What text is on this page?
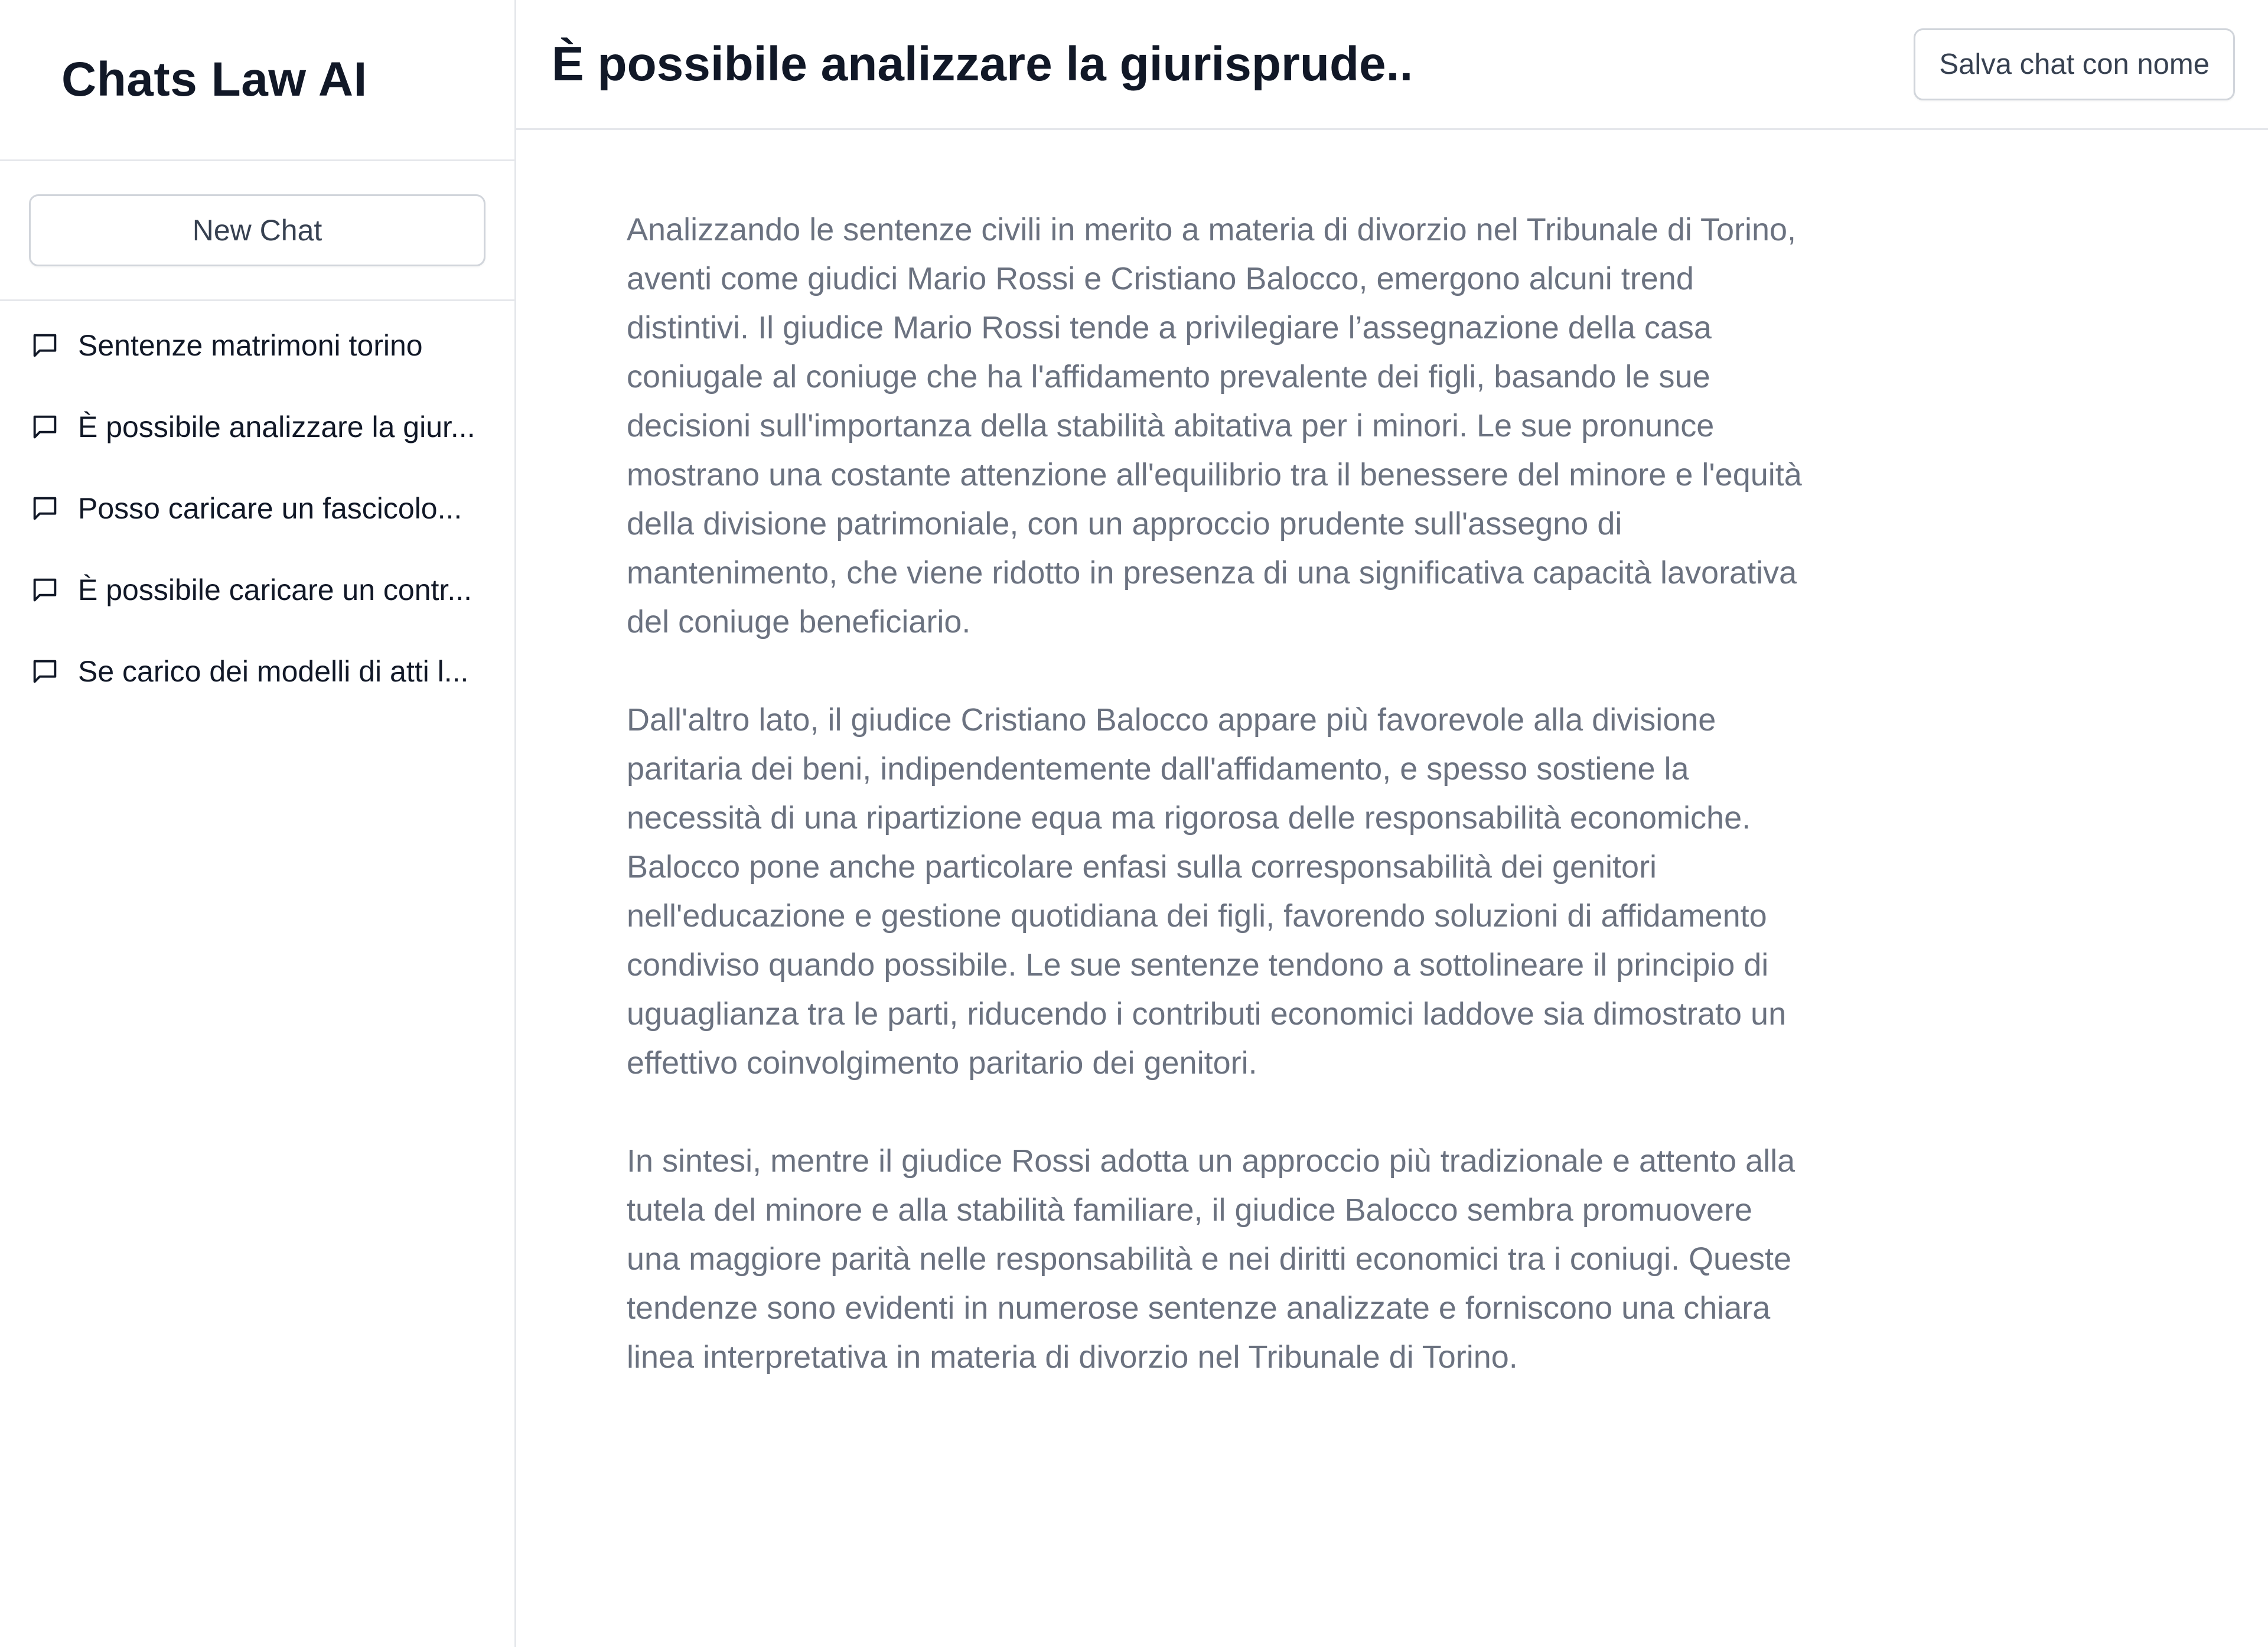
Chats Law AI
New Chat
Sentenze matrimoni torino
È possibile analizzare la giur...
Posso caricare un fascicolo...
È possibile caricare un contr...
Se carico dei modelli di atti l...
È possibile analizzare la giurisprude..	Salva chat con nome

Analizzando le sentenze civili in merito a materia di divorzio nel Tribunale di Torino, aventi come giudici Mario Rossi e Cristiano Balocco, emergono alcuni trend distintivi. Il giudice Mario Rossi tende a privilegiare l’assegnazione della casa coniugale al coniuge che ha l'affidamento prevalente dei figli, basando le sue decisioni sull'importanza della stabilità abitativa per i minori. Le sue pronunce mostrano una costante attenzione all'equilibrio tra il benessere del minore e l'equità della divisione patrimoniale, con un approccio prudente sull'assegno di mantenimento, che viene ridotto in presenza di una significativa capacità lavorativa del coniuge beneficiario.

Dall'altro lato, il giudice Cristiano Balocco appare più favorevole alla divisione paritaria dei beni, indipendentemente dall'affidamento, e spesso sostiene la necessità di una ripartizione equa ma rigorosa delle responsabilità economiche. Balocco pone anche particolare enfasi sulla corresponsabilità dei genitori nell'educazione e gestione quotidiana dei figli, favorendo soluzioni di affidamento condiviso quando possibile. Le sue sentenze tendono a sottolineare il principio di uguaglianza tra le parti, riducendo i contributi economici laddove sia dimostrato un effettivo coinvolgimento paritario dei genitori.

In sintesi, mentre il giudice Rossi adotta un approccio più tradizionale e attento alla tutela del minore e alla stabilità familiare, il giudice Balocco sembra promuovere una maggiore parità nelle responsabilità e nei diritti economici tra i coniugi. Queste tendenze sono evidenti in numerose sentenze analizzate e forniscono una chiara linea interpretativa in materia di divorzio nel Tribunale di Torino.
